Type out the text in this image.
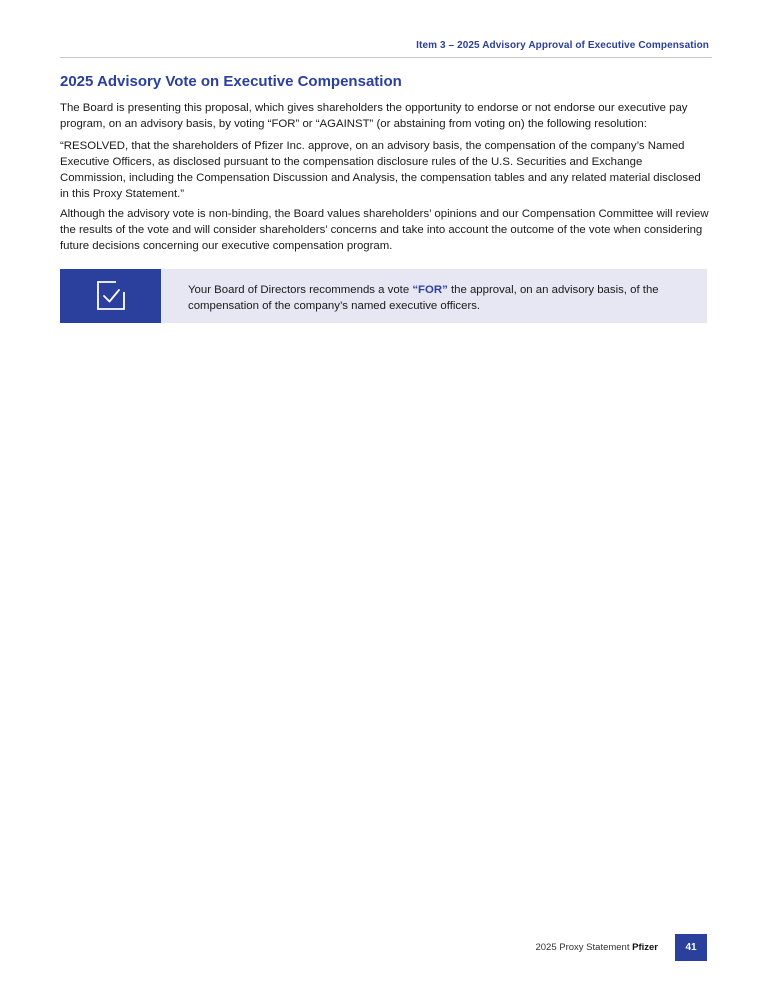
Item 3 – 2025 Advisory Approval of Executive Compensation
2025 Advisory Vote on Executive Compensation

The Board is presenting this proposal, which gives shareholders the opportunity to endorse or not endorse our executive pay program, on an advisory basis, by voting “FOR” or “AGAINST” (or abstaining from voting on) the following resolution:

“RESOLVED, that the shareholders of Pfizer Inc. approve, on an advisory basis, the compensation of the company’s Named Executive Officers, as disclosed pursuant to the compensation disclosure rules of the U.S. Securities and Exchange Commission, including the Compensation Discussion and Analysis, the compensation tables and any related material disclosed in this Proxy Statement.”

Although the advisory vote is non-binding, the Board values shareholders’ opinions and our Compensation Committee will review the results of the vote and will consider shareholders’ concerns and take into account the outcome of the vote when considering future decisions concerning our executive compensation program.

Your Board of Directors recommends a vote “FOR” the approval, on an advisory basis, of the compensation of the company’s named executive officers.

2025 Proxy Statement Pfizer	41
